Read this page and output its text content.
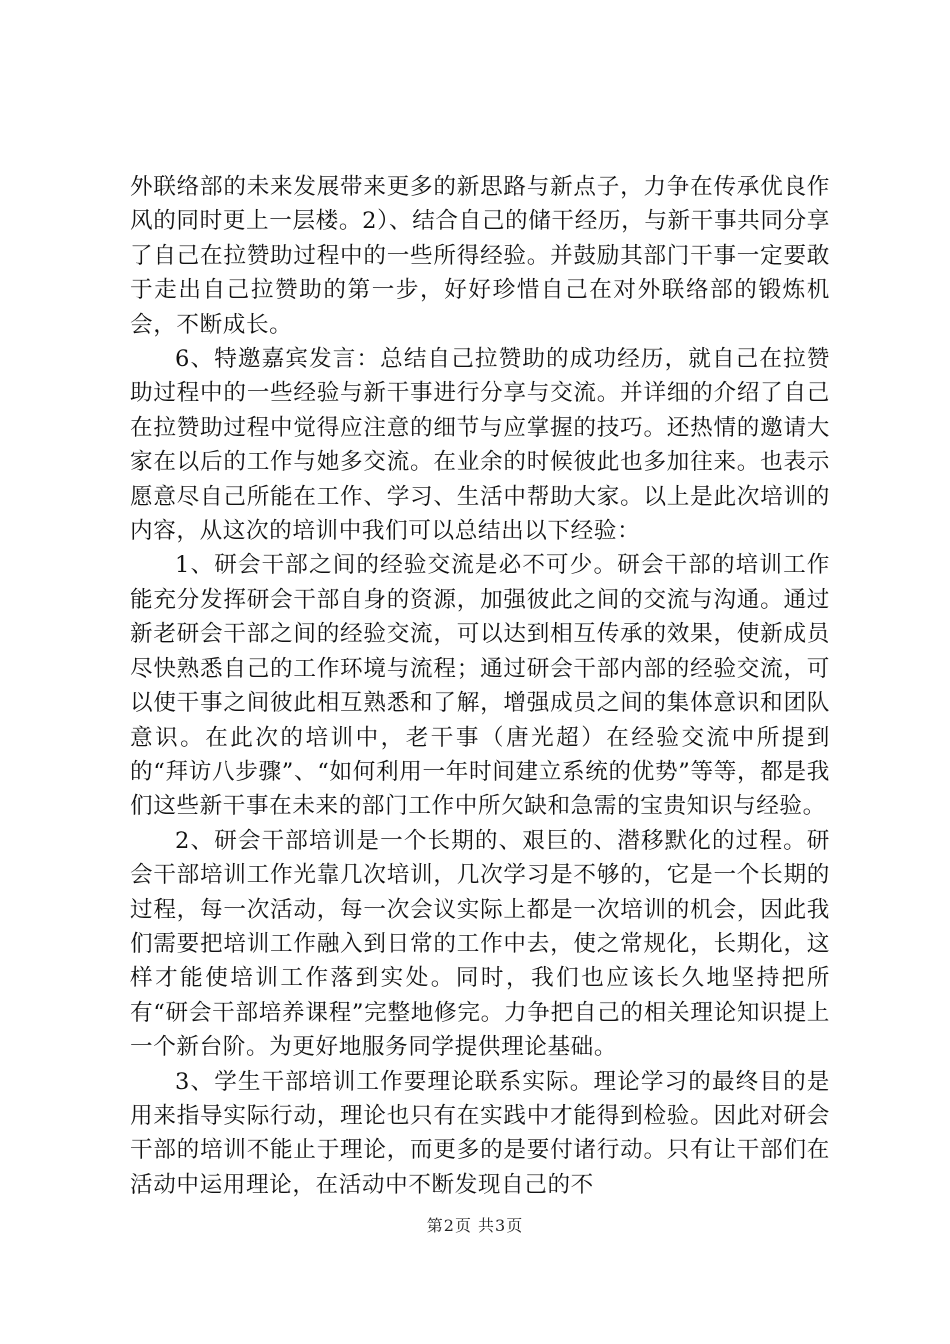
外联络部的未来发展带来更多的新思路与新点子，力争在传承优良作风的同时更上一层楼。2）、结合自己的储干经历，与新干事共同分享了自己在拉赞助过程中的一些所得经验。并鼓励其部门干事一定要敢于走出自己拉赞助的第一步，好好珍惜自己在对外联络部的锻炼机会，不断成长。

6、特邀嘉宾发言：总结自己拉赞助的成功经历，就自己在拉赞助过程中的一些经验与新干事进行分享与交流。并详细的介绍了自己在拉赞助过程中觉得应注意的细节与应掌握的技巧。还热情的邀请大家在以后的工作与她多交流。在业余的时候彼此也多加往来。也表示愿意尽自己所能在工作、学习、生活中帮助大家。以上是此次培训的内容，从这次的培训中我们可以总结出以下经验：

1、研会干部之间的经验交流是必不可少。研会干部的培训工作能充分发挥研会干部自身的资源，加强彼此之间的交流与沟通。通过新老研会干部之间的经验交流，可以达到相互传承的效果，使新成员尽快熟悉自己的工作环境与流程；通过研会干部内部的经验交流，可以使干事之间彼此相互熟悉和了解，增强成员之间的集体意识和团队意识。在此次的培训中，老干事（唐光超）在经验交流中所提到的“拜访八步骤”、“如何利用一年时间建立系统的优势”等等，都是我们这些新干事在未来的部门工作中所欠缺和急需的宝贵知识与经验。

2、研会干部培训是一个长期的、艰巨的、潜移默化的过程。研会干部培训工作光靠几次培训，几次学习是不够的，它是一个长期的过程，每一次活动，每一次会议实际上都是一次培训的机会，因此我们需要把培训工作融入到日常的工作中去，使之常规化，长期化，这样才能使培训工作落到实处。同时，我们也应该长久地坚持把所有“研会干部培养课程”完整地修完。力争把自己的相关理论知识提上一个新台阶。为更好地服务同学提供理论基础。

3、学生干部培训工作要理论联系实际。理论学习的最终目的是用来指导实际行动，理论也只有在实践中才能得到检验。因此对研会干部的培训不能止于理论，而更多的是要付诸行动。只有让干部们在活动中运用理论，在活动中不断发现自己的不

第2页 共3页
